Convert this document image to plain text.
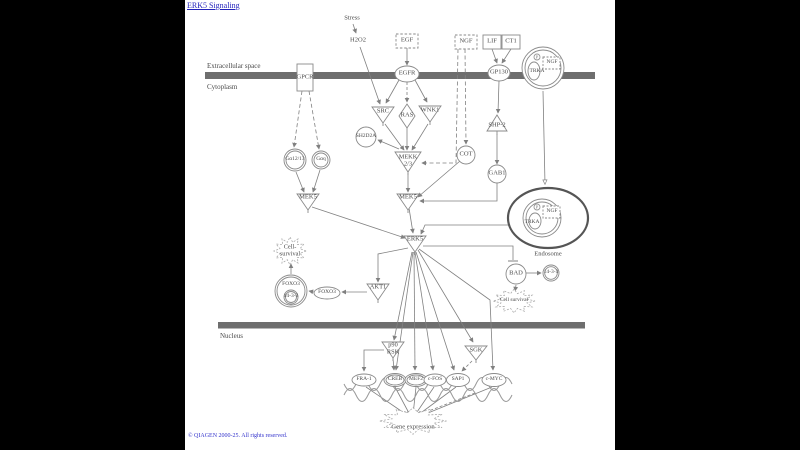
ERK5 Signaling
Extracellular space
Cytoplasm
Nucleus
Endosome
Stress
H2O2	EGF	NGF LIF CT1
GPCR
EGFR	GP130	TRKA
NGF
P
SRC
RAS
WNK1
SH2D2A
MEKK
2/3
COT
SHP-2
GAB1
Gα12/13 Gαq
MEK5	MEK5
ERK5
AKT1
FOXO3
FOXO3
14-3-3
Cell-
survival
BAD	14-3-3
Cell survival
TRKA
NGF
P
p90
RSK	SGK
FRA-1	CREB MEF2 c-FOS SAP1	c-MYC
Gene expression
© QIAGEN 2000-25. All rights reserved.
